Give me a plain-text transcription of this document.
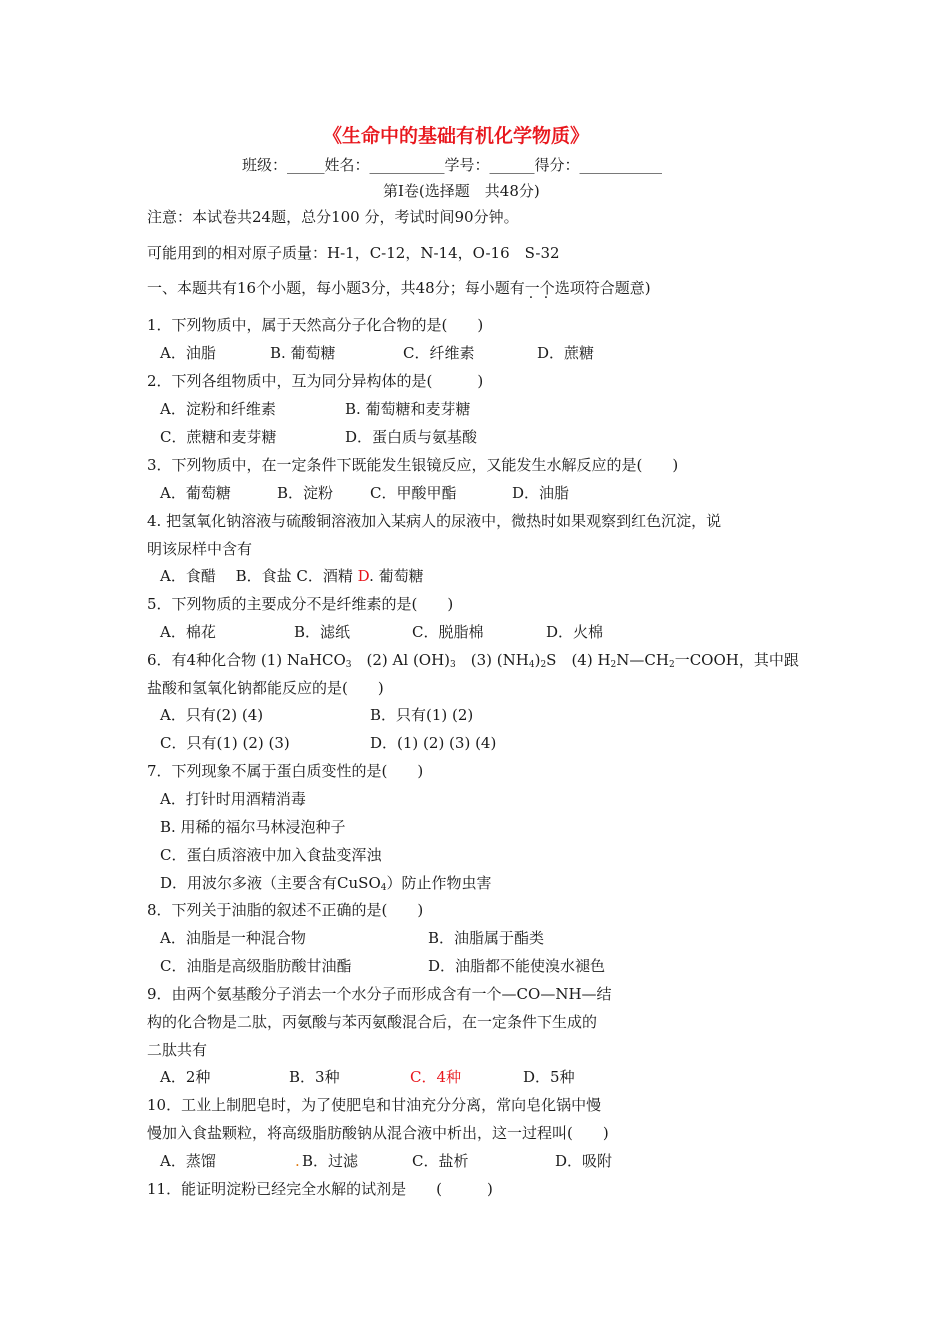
《生命中的基础有机化学物质》
班级：_____姓名：__________学号：______得分：___________
第Ⅰ卷(选择题　共48分)
注意：本试卷共24题，总分100 分，考试时间90分钟。
可能用到的相对原子质量：H-1，C-12，N-14，O-16　S-32
一、本题共有16个小题，每小题3分，共48分；每小题有一个选项符合题意)
1．下列物质中，属于天然高分子化合物的是(　　)
A．油脂	B. 葡萄糖	C．纤维素	D．蔗糖
2．下列各组物质中，互为同分异构体的是(　　　)
A．淀粉和纤维素	B. 葡萄糖和麦芽糖
C．蔗糖和麦芽糖	D．蛋白质与氨基酸
3．下列物质中，在一定条件下既能发生银镜反应，又能发生水解反应的是(　　)
A．葡萄糖	B．淀粉 C．甲酸甲酯	D．油脂
4. 把氢氧化钠溶液与硫酸铜溶液加入某病人的尿液中，微热时如果观察到红色沉淀，说
明该尿样中含有
A．食醋　 B．食盐 C．酒精 D. 葡萄糖
5．下列物质的主要成分不是纤维素的是(　　)
A．棉花	B．滤纸	C．脱脂棉	D．火棉
6．有4种化合物 (1) NaHCO$_3$　(2) Al $(OH)_3$　(3) $(NH_4)_2S$　(4) $H_2N—CH_2$一COOH，其中跟
盐酸和氢氧化钠都能反应的是(　　)
A．只有(2) (4)	B．只有(1) (2)
C．只有(1) (2) (3)	D．(1) (2) (3) (4)
7．下列现象不属于蛋白质变性的是(　　)
A．打针时用酒精消毒
B. 用稀的福尔马林浸泡种子
C．蛋白质溶液中加入食盐变浑浊
D．用波尔多液（主要含有CuSO$_4$）防止作物虫害
8．下列关于油脂的叙述不正确的是(　　)
A．油脂是一种混合物	B．油脂属于酯类
C．油脂是高级脂肪酸甘油酯	D．油脂都不能使溴水褪色
9．由两个氨基酸分子消去一个水分子而形成含有一个—CO—NH—结
构的化合物是二肽，丙氨酸与苯丙氨酸混合后，在一定条件下生成的
二肽共有
A．2种	B．3种	C．4种	D．5种
10．工业上制肥皂时，为了使肥皂和甘油充分分离，常向皂化锅中慢
慢加入食盐颗粒，将高级脂肪酸钠从混合液中析出，这一过程叫(　　)
A．蒸馏	. B．过滤	C．盐析	D．吸附
11．能证明淀粉已经完全水解的试剂是　　(　　　)
